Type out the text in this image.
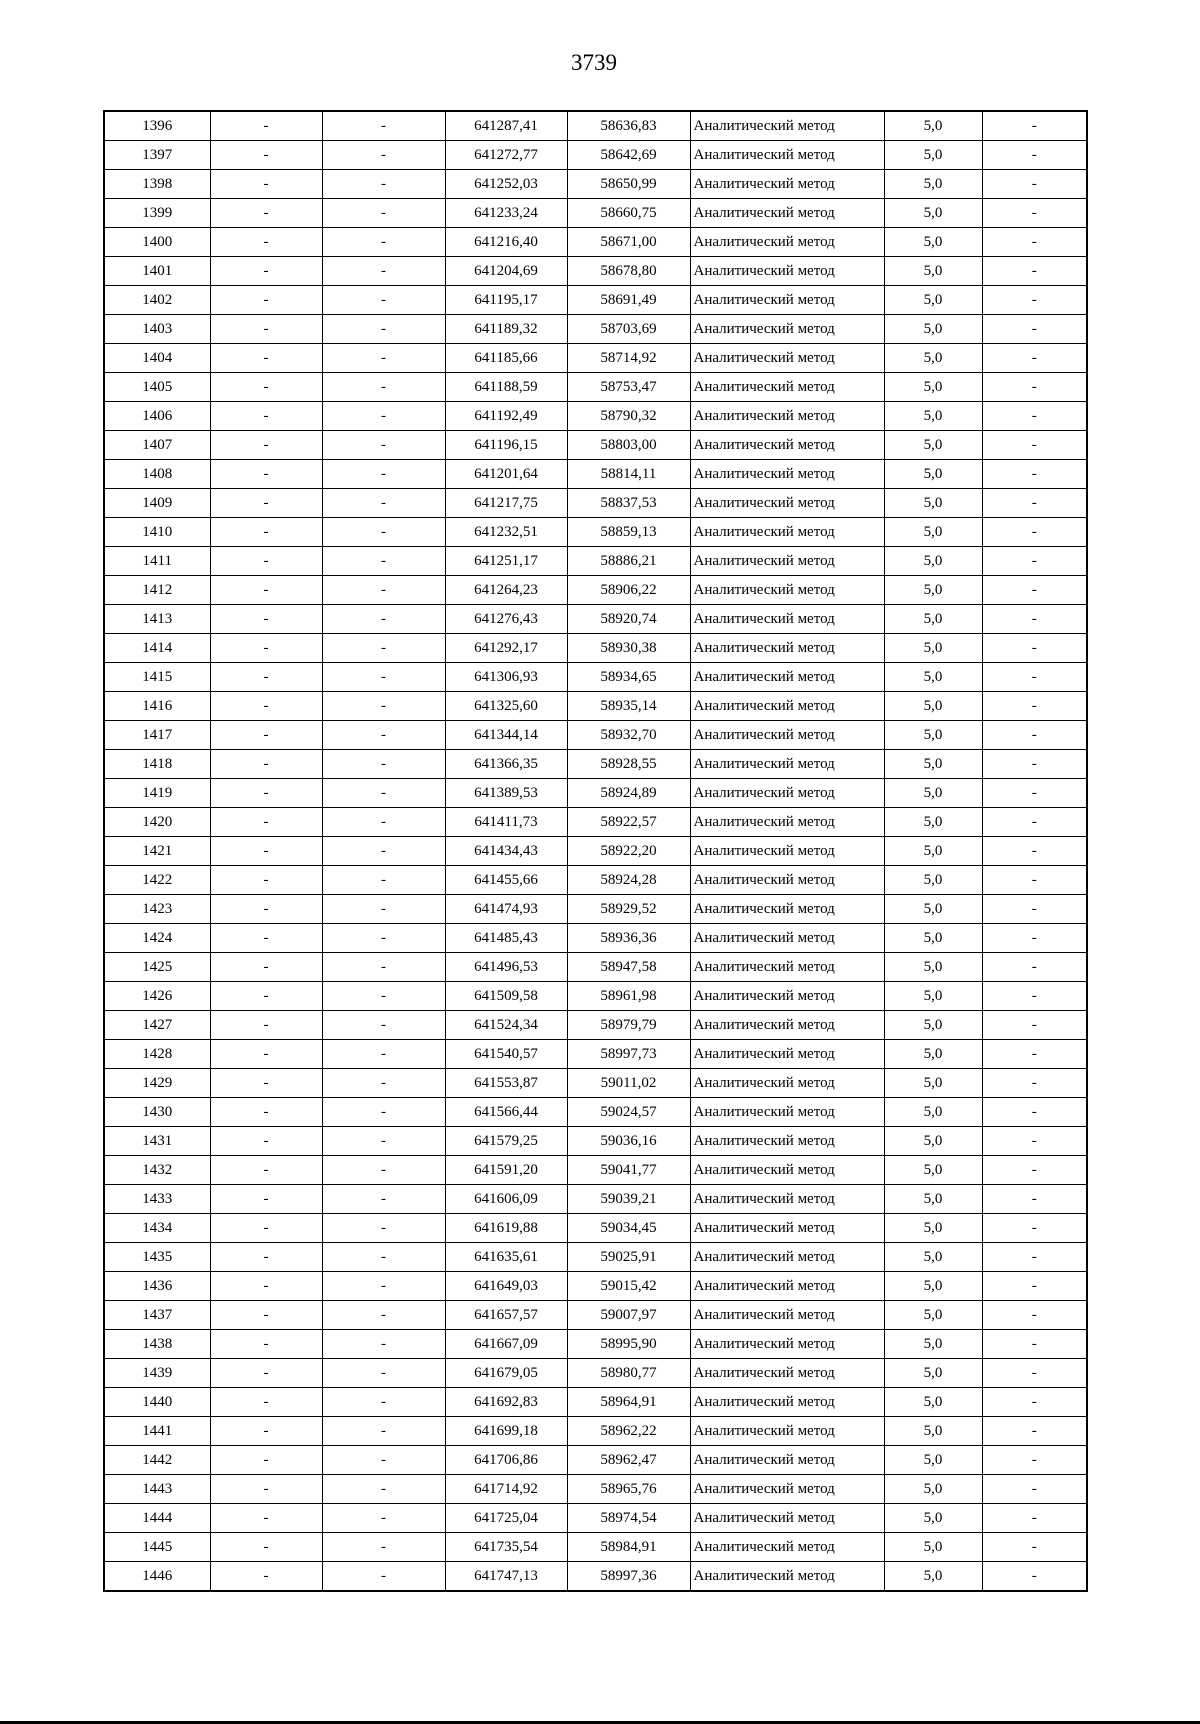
3739
1396	-	-	641287,41	58636,83	Аналитический метод	5,0	-
1397	-	-	641272,77	58642,69	Аналитический метод	5,0	-
1398	-	-	641252,03	58650,99	Аналитический метод	5,0	-
1399	-	-	641233,24	58660,75	Аналитический метод	5,0	-
1400	-	-	641216,40	58671,00	Аналитический метод	5,0	-
1401	-	-	641204,69	58678,80	Аналитический метод	5,0	-
1402	-	-	641195,17	58691,49	Аналитический метод	5,0	-
1403	-	-	641189,32	58703,69	Аналитический метод	5,0	-
1404	-	-	641185,66	58714,92	Аналитический метод	5,0	-
1405	-	-	641188,59	58753,47	Аналитический метод	5,0	-
1406	-	-	641192,49	58790,32	Аналитический метод	5,0	-
1407	-	-	641196,15	58803,00	Аналитический метод	5,0	-
1408	-	-	641201,64	58814,11	Аналитический метод	5,0	-
1409	-	-	641217,75	58837,53	Аналитический метод	5,0	-
1410	-	-	641232,51	58859,13	Аналитический метод	5,0	-
1411	-	-	641251,17	58886,21	Аналитический метод	5,0	-
1412	-	-	641264,23	58906,22	Аналитический метод	5,0	-
1413	-	-	641276,43	58920,74	Аналитический метод	5,0	-
1414	-	-	641292,17	58930,38	Аналитический метод	5,0	-
1415	-	-	641306,93	58934,65	Аналитический метод	5,0	-
1416	-	-	641325,60	58935,14	Аналитический метод	5,0	-
1417	-	-	641344,14	58932,70	Аналитический метод	5,0	-
1418	-	-	641366,35	58928,55	Аналитический метод	5,0	-
1419	-	-	641389,53	58924,89	Аналитический метод	5,0	-
1420	-	-	641411,73	58922,57	Аналитический метод	5,0	-
1421	-	-	641434,43	58922,20	Аналитический метод	5,0	-
1422	-	-	641455,66	58924,28	Аналитический метод	5,0	-
1423	-	-	641474,93	58929,52	Аналитический метод	5,0	-
1424	-	-	641485,43	58936,36	Аналитический метод	5,0	-
1425	-	-	641496,53	58947,58	Аналитический метод	5,0	-
1426	-	-	641509,58	58961,98	Аналитический метод	5,0	-
1427	-	-	641524,34	58979,79	Аналитический метод	5,0	-
1428	-	-	641540,57	58997,73	Аналитический метод	5,0	-
1429	-	-	641553,87	59011,02	Аналитический метод	5,0	-
1430	-	-	641566,44	59024,57	Аналитический метод	5,0	-
1431	-	-	641579,25	59036,16	Аналитический метод	5,0	-
1432	-	-	641591,20	59041,77	Аналитический метод	5,0	-
1433	-	-	641606,09	59039,21	Аналитический метод	5,0	-
1434	-	-	641619,88	59034,45	Аналитический метод	5,0	-
1435	-	-	641635,61	59025,91	Аналитический метод	5,0	-
1436	-	-	641649,03	59015,42	Аналитический метод	5,0	-
1437	-	-	641657,57	59007,97	Аналитический метод	5,0	-
1438	-	-	641667,09	58995,90	Аналитический метод	5,0	-
1439	-	-	641679,05	58980,77	Аналитический метод	5,0	-
1440	-	-	641692,83	58964,91	Аналитический метод	5,0	-
1441	-	-	641699,18	58962,22	Аналитический метод	5,0	-
1442	-	-	641706,86	58962,47	Аналитический метод	5,0	-
1443	-	-	641714,92	58965,76	Аналитический метод	5,0	-
1444	-	-	641725,04	58974,54	Аналитический метод	5,0	-
1445	-	-	641735,54	58984,91	Аналитический метод	5,0	-
1446	-	-	641747,13	58997,36	Аналитический метод	5,0	-
